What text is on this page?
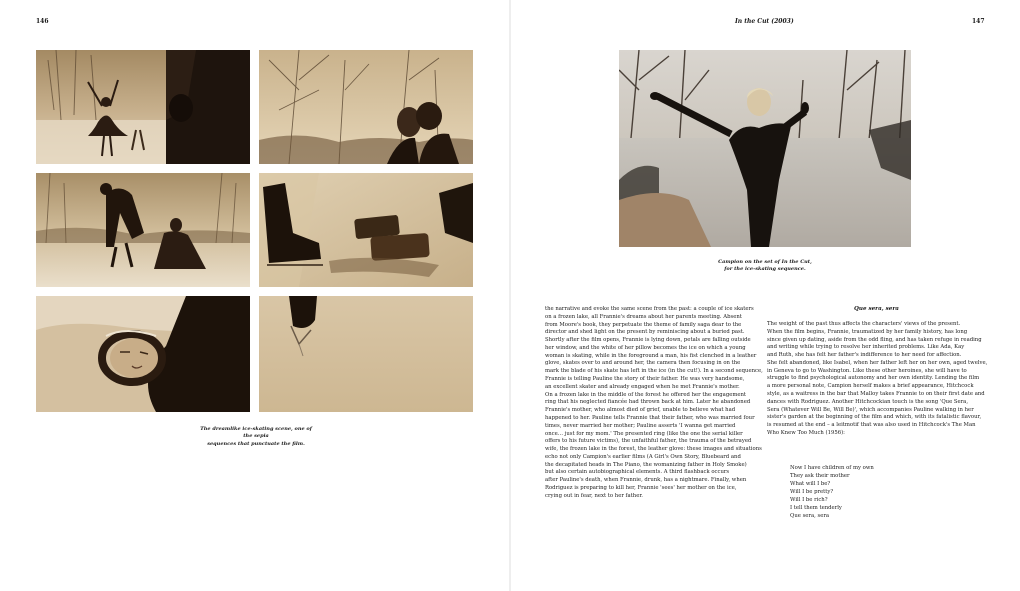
146
The dreamlike ice-skating scene, one of the sepia
sequences that punctuate the film.
In the Cut (2003)	147
Campion on the set of In the Cut,
for the ice-skating sequence.
the narrative and evoke the same scene from the past: a couple of ice skaters
on a frozen lake, all Frannie's dreams about her parents meeting. Absent
from Moore's book, they perpetuate the theme of family saga dear to the
director and shed light on the present by reminiscing about a buried past.
Shortly after the film opens, Frannie is lying down, petals are falling outside
her window, and the white of her pillow becomes the ice on which a young
woman is skating, while in the foreground a man, his fist clenched in a leather
glove, skates over to and around her, the camera then focusing in on the
mark the blade of his skate has left in the ice (in the cut!). In a second sequence,
Frannie is telling Pauline the story of their father. He was very handsome,
an excellent skater and already engaged when he met Frannie's mother.
On a frozen lake in the middle of the forest he offered her the engagement
ring that his neglected fiancée had thrown back at him. Later he abandoned
Frannie's mother, who almost died of grief, unable to believe what had
happened to her. Pauline tells Frannie that their father, who was married four
times, never married her mother; Pauline asserts 'I wanna get married
once… just for my mom.' The presented ring (like the one the serial killer
offers to his future victims), the unfaithful father, the trauma of the betrayed
wife, the frozen lake in the forest, the leather glove: these images and situations
echo not only Campion's earlier films (A Girl's Own Story, Bluebeard and
the decapitated heads in The Piano, the womanizing father in Holy Smoke)
but also certain autobiographical elements. A third flashback occurs
after Pauline's death, when Frannie, drunk, has a nightmare. Finally, when
Rodriguez is preparing to kill her, Frannie 'sees' her mother on the ice,
crying out in fear, next to her father.
Que sera, sera
The weight of the past thus affects the characters' views of the present.
When the film begins, Frannie, traumatized by her family history, has long
since given up dating, aside from the odd fling, and has taken refuge in reading
and writing while trying to resolve her inherited problems. Like Ada, Kay
and Ruth, she has felt her father's indifference to her need for affection.
She felt abandoned, like Isabel, when her father left her on her own, aged twelve,
in Geneva to go to Washington. Like these other heroines, she will have to
struggle to find psychological autonomy and her own identity. Lending the film
a more personal note, Campion herself makes a brief appearance, Hitchcock
style, as a waitress in the bar that Malloy takes Frannie to on their first date and
dances with Rodriguez. Another Hitchcockian touch is the song 'Que Sera,
Sera (Whatever Will Be, Will Be)', which accompanies Pauline walking in her
sister's garden at the beginning of the film and which, with its fatalistic flavour,
is resumed at the end – a leitmotif that was also used in Hitchcock's The Man
Who Knew Too Much (1956):
Now I have children of my own
They ask their mother
What will I be?
Will I be pretty?
Will I be rich?
I tell them tenderly
Que sera, sera
